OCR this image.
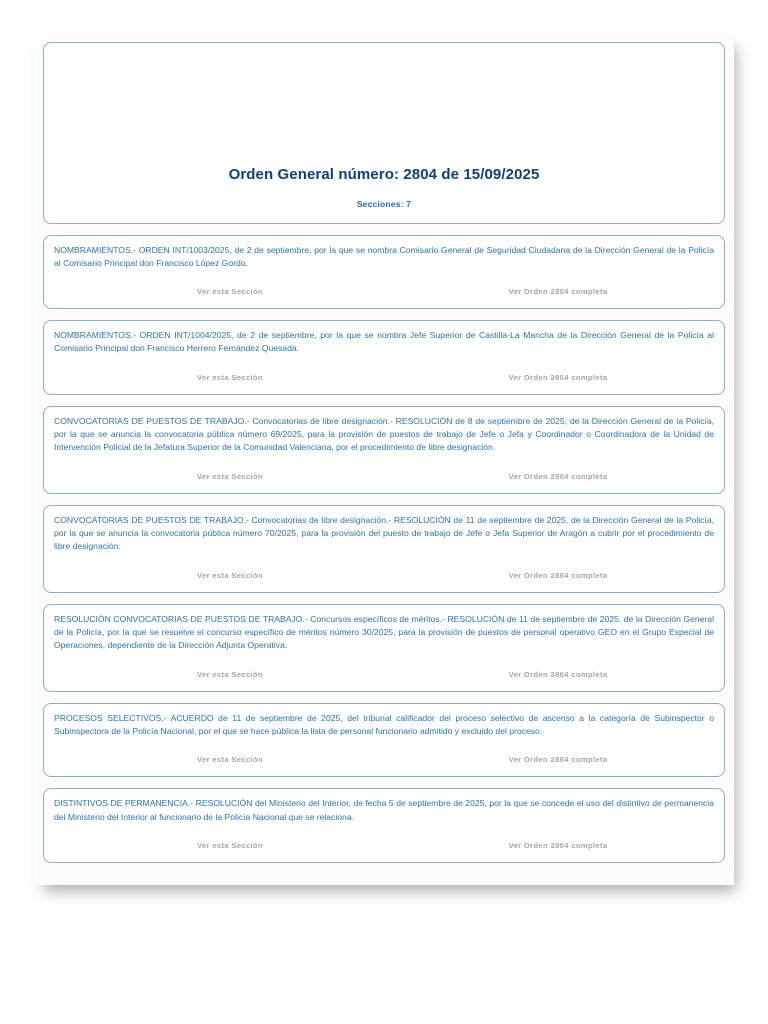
Orden General número: 2804 de 15/09/2025

Secciones: 7

NOMBRAMIENTOS.- ORDEN INT/1003/2025, de 2 de septiembre, por la que se nombra Comisario General de Seguridad Ciudadana de la Dirección General de la Policía al Comisario Principal don Francisco López Gordo.

Ver esta Sección	Ver Orden 2804 completa

NOMBRAMIENTOS.- ORDEN INT/1004/2025, de 2 de septiembre, por la que se nombra Jefe Superior de Castilla-La Mancha de la Dirección General de la Policía al Comisario Principal don Francisco Herrero Fernández Quesada.

Ver esta Sección	Ver Orden 2804 completa

CONVOCATORIAS DE PUESTOS DE TRABAJO.- Convocatorias de libre designación.- RESOLUCIÓN de 8 de septiembre de 2025, de la Dirección General de la Policía, por la que se anuncia la convocatoria pública número 69/2025, para la provisión de puestos de trabajo de Jefe o Jefa y Coordinador o Coordinadora de la Unidad de Intervención Policial de la Jefatura Superior de la Comunidad Valenciana, por el procedimiento de libre designación.

Ver esta Sección	Ver Orden 2804 completa

CONVOCATORIAS DE PUESTOS DE TRABAJO.- Convocatorias de libre designación.- RESOLUCIÓN de 11 de septiembre de 2025, de la Dirección General de la Policía, por la que se anuncia la convocatoria pública número 70/2025, para la provisión del puesto de trabajo de Jefe o Jefa Superior de Aragón a cubrir por el procedimiento de libre designación.

Ver esta Sección	Ver Orden 2804 completa

RESOLUCIÓN CONVOCATORIAS DE PUESTOS DE TRABAJO.- Concursos específicos de méritos.- RESOLUCIÓN de 11 de septiembre de 2025, de la Dirección General de la Policía, por la que se resuelve el concurso específico de méritos número 30/2025, para la provisión de puestos de personal operativo GEO en el Grupo Especial de Operaciones, dependiente de la Dirección Adjunta Operativa.

Ver esta Sección	Ver Orden 2804 completa

PROCESOS SELECTIVOS.- ACUERDO de 11 de septiembre de 2025, del tribunal calificador del proceso selectivo de ascenso a la categoría de Subinspector o Subinspectora de la Policía Nacional, por el que se hace pública la lista de personal funcionario admitido y excluido del proceso.

Ver esta Sección	Ver Orden 2804 completa

DISTINTIVOS DE PERMANENCIA.- RESOLUCIÓN del Ministerio del Interior, de fecha 5 de septiembre de 2025, por la que se concede el uso del distintivo de permanencia del Ministerio del Interior al funcionario de la Policía Nacional que se relaciona.

Ver esta Sección	Ver Orden 2804 completa
